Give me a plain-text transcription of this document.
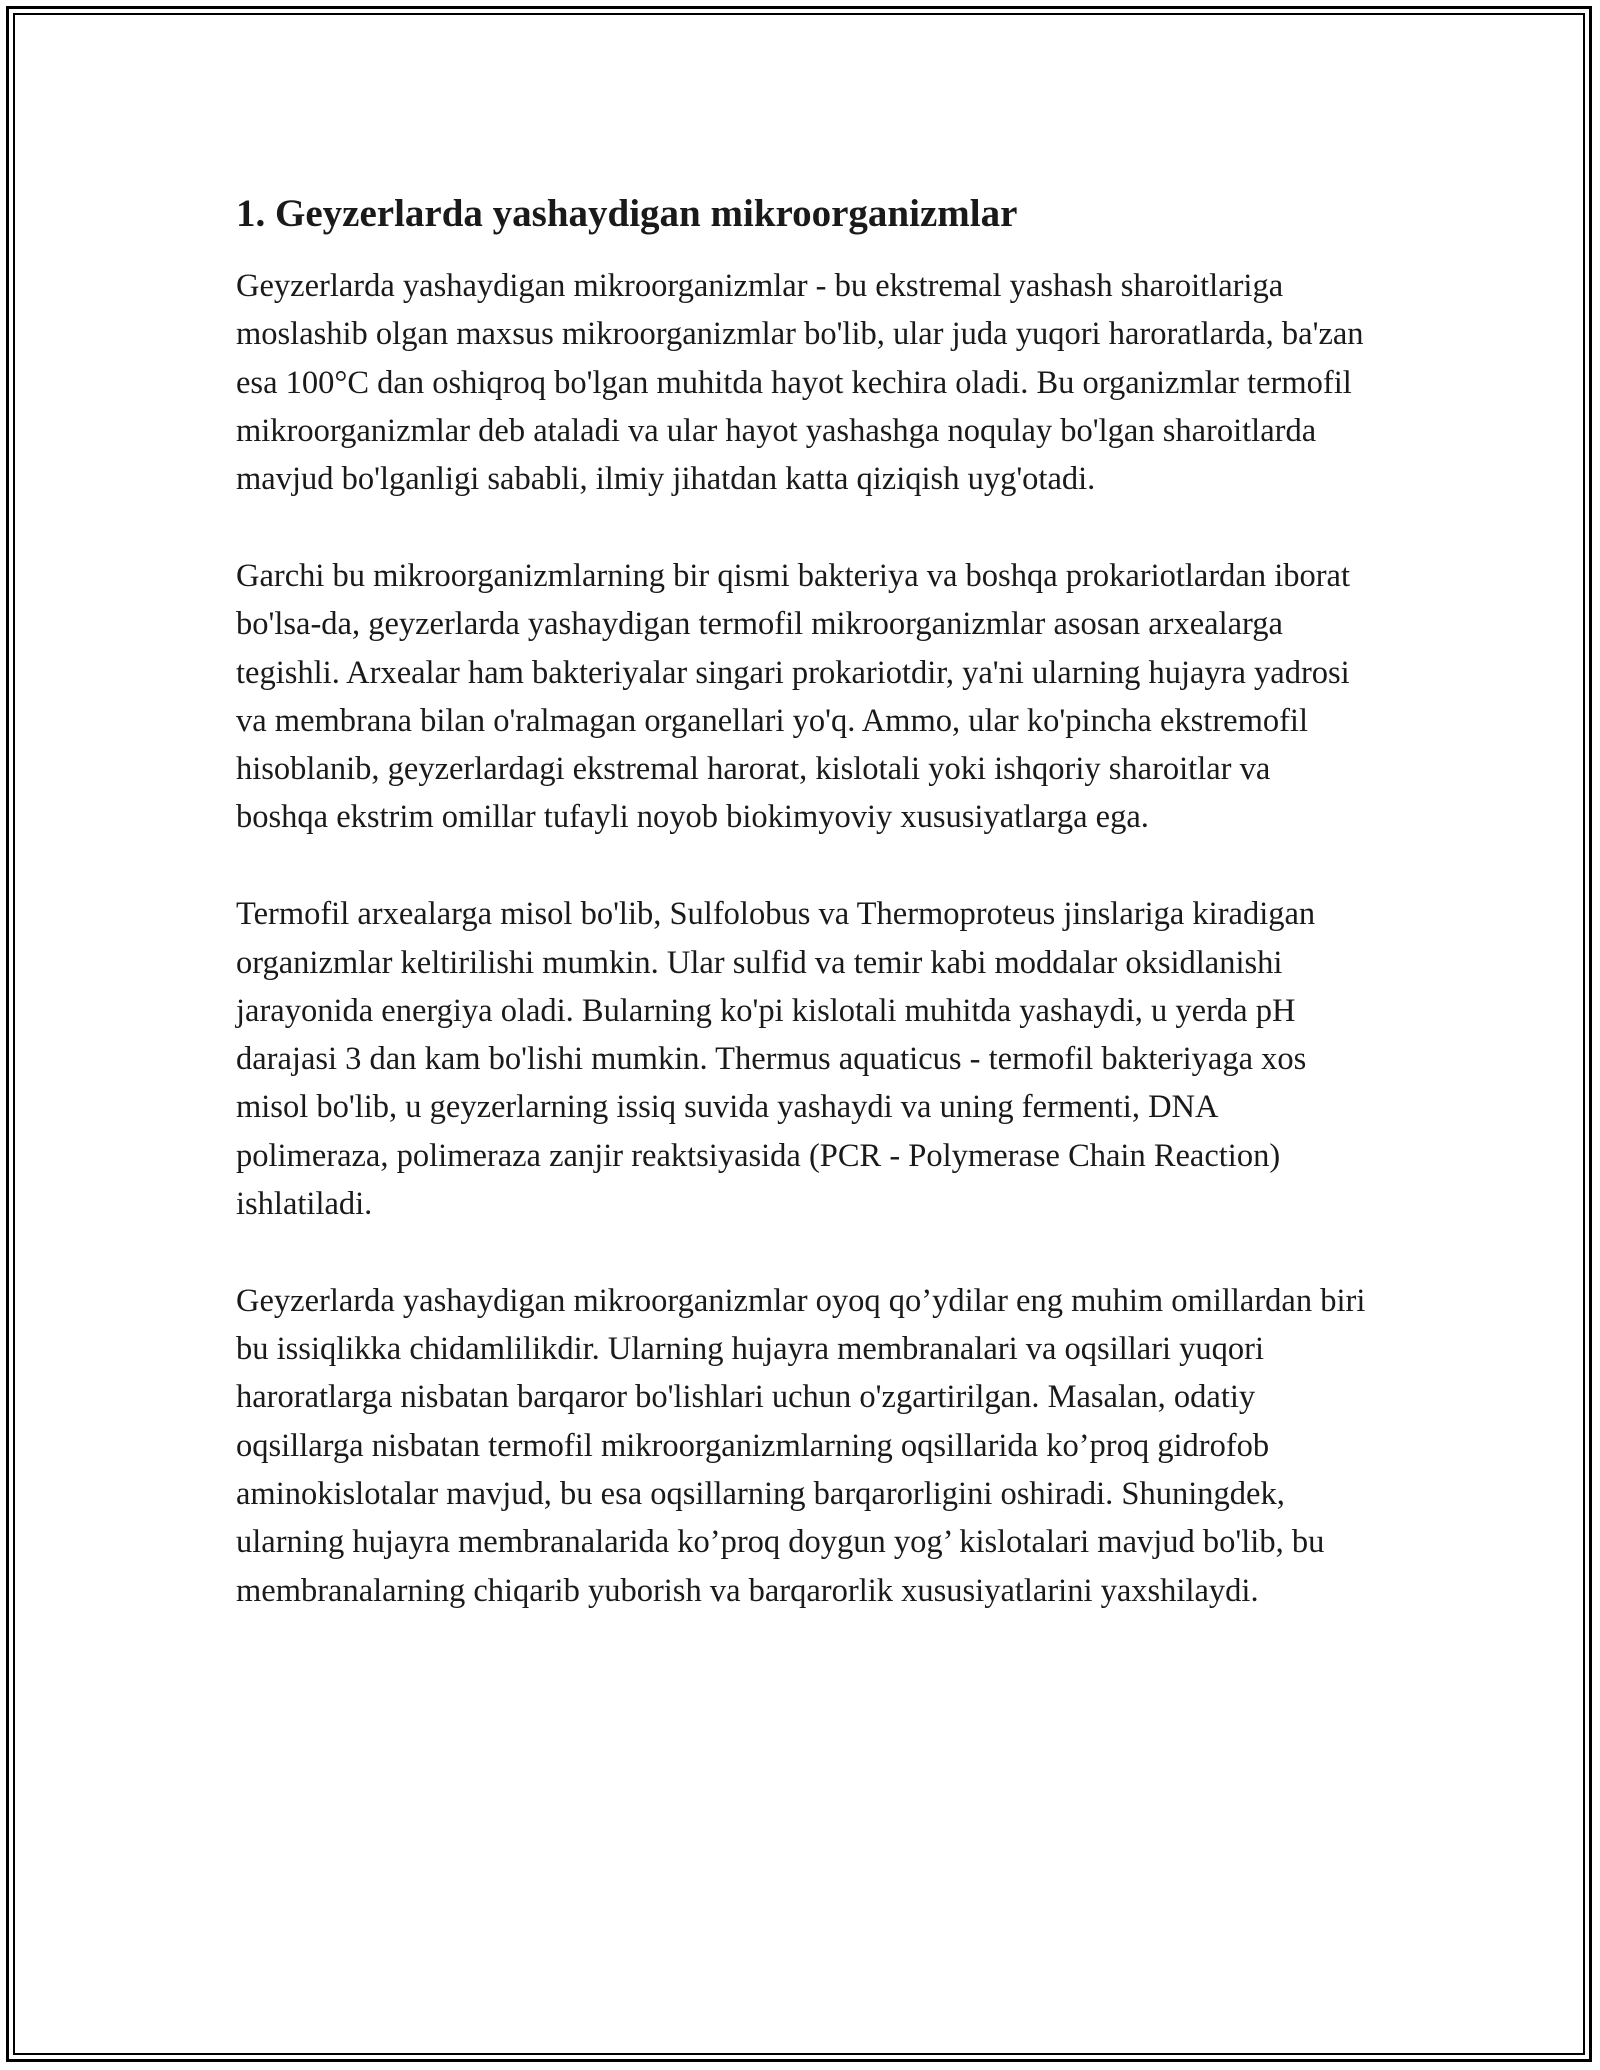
1. Geyzerlarda yashaydigan mikroorganizmlar

Geyzerlarda yashaydigan mikroorganizmlar - bu ekstremal yashash sharoitlariga moslashib olgan maxsus mikroorganizmlar bo'lib, ular juda yuqori haroratlarda, ba'zan esa 100°C dan oshiqroq bo'lgan muhitda hayot kechira oladi. Bu organizmlar termofil mikroorganizmlar deb ataladi va ular hayot yashashga noqulay bo'lgan sharoitlarda mavjud bo'lganligi sababli, ilmiy jihatdan katta qiziqish uyg'otadi.

Garchi bu mikroorganizmlarning bir qismi bakteriya va boshqa prokariotlardan iborat bo'lsa-da, geyzerlarda yashaydigan termofil mikroorganizmlar asosan arxealarga tegishli. Arxealar ham bakteriyalar singari prokariotdir, ya'ni ularning hujayra yadrosi va membrana bilan o'ralmagan organellari yo'q. Ammo, ular ko'pincha ekstremofil hisoblanib, geyzerlardagi ekstremal harorat, kislotali yoki ishqoriy sharoitlar va boshqa ekstrim omillar tufayli noyob biokimyoviy xususiyatlarga ega.

Termofil arxealarga misol bo'lib, Sulfolobus va Thermoproteus jinslariga kiradigan organizmlar keltirilishi mumkin. Ular sulfid va temir kabi moddalar oksidlanishi jarayonida energiya oladi. Bularning ko'pi kislotali muhitda yashaydi, u yerda pH darajasi 3 dan kam bo'lishi mumkin. Thermus aquaticus - termofil bakteriyaga xos misol bo'lib, u geyzerlarning issiq suvida yashaydi va uning fermenti, DNA polimeraza, polimeraza zanjir reaktsiyasida (PCR - Polymerase Chain Reaction) ishlatiladi.

Geyzerlarda yashaydigan mikroorganizmlar oyoq qo’ydilar eng muhim omillardan biri bu issiqlikka chidamlilikdir. Ularning hujayra membranalari va oqsillari yuqori haroratlarga nisbatan barqaror bo'lishlari uchun o'zgartirilgan. Masalan, odatiy oqsillarga nisbatan termofil mikroorganizmlarning oqsillarida ko’proq gidrofob aminokislotalar mavjud, bu esa oqsillarning barqarorligini oshiradi. Shuningdek, ularning hujayra membranalarida ko’proq doygun yog’ kislotalari mavjud bo'lib, bu membranalarning chiqarib yuborish va barqarorlik xususiyatlarini yaxshilaydi.
